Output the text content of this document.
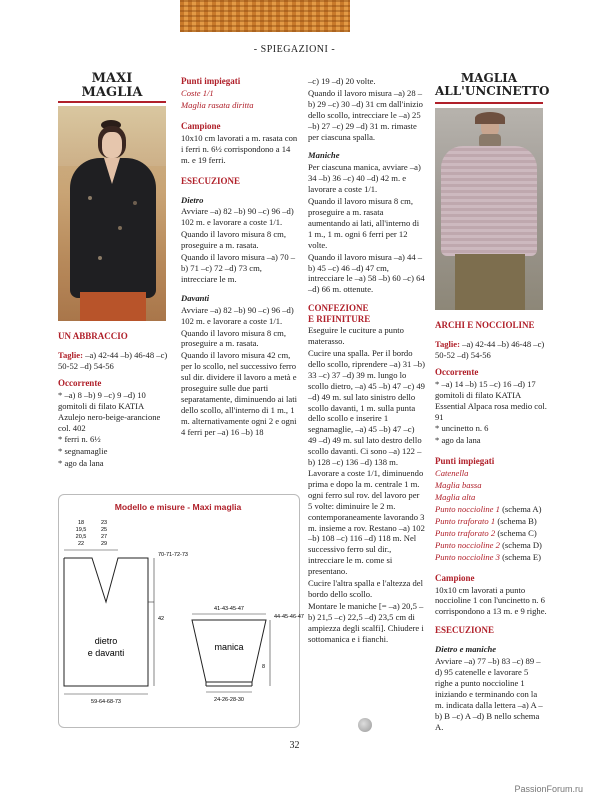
- SPIEGAZIONI -
MAXI
MAGLIA
UN ABBRACCIO

Taglie: –a) 42-44 –b) 46-48 –c) 50-52 –d) 54-56

Occorrente

* –a) 8 –b) 9 –c) 9 –d) 10 gomitoli di filato KATIA Azulejo nero-beige-arancione col. 402

* ferri n. 6½

* segnamaglie

* ago da lana

Punti impiegati

Coste 1/1

Maglia rasata diritta

Campione

10x10 cm lavorati a m. rasata con i ferri n. 6½ corrispondono a 14 m. e 19 ferri.

ESECUZIONE

Dietro

Avviare –a) 82 –b) 90 –c) 96 –d) 102 m. e lavorare a coste 1/1.

Quando il lavoro misura 8 cm, proseguire a m. rasata.

Quando il lavoro misura –a) 70 –b) 71 –c) 72 –d) 73 cm, intrecciare le m.

Davanti

Avviare –a) 82 –b) 90 –c) 96 –d) 102 m. e lavorare a coste 1/1.

Quando il lavoro misura 8 cm, proseguire a m. rasata.

Quando il lavoro misura 42 cm, per lo scollo, nel successivo ferro sul dir. dividere il lavoro a metà e proseguire sulle due parti separatamente, diminuendo ai lati dello scollo, all'interno di 1 m., 1 m. alternativamente ogni 2 e ogni 4 ferri per –a) 16 –b) 18

–c) 19 –d) 20 volte.

Quando il lavoro misura –a) 28 –b) 29 –c) 30 –d) 31 cm dall'inizio dello scollo, intrecciare le –a) 25 –b) 27 –c) 29 –d) 31 m. rimaste per ciascuna spalla.

Maniche

Per ciascuna manica, avviare –a) 34 –b) 36 –c) 40 –d) 42 m. e lavorare a coste 1/1.

Quando il lavoro misura 8 cm, proseguire a m. rasata aumentando ai lati, all'interno di 1 m., 1 m. ogni 6 ferri per 12 volte.

Quando il lavoro misura –a) 44 –b) 45 –c) 46 –d) 47 cm, intrecciare le –a) 58 –b) 60 –c) 64 –d) 66 m. ottenute.

CONFEZIONE
E RIFINITURE

Eseguire le cuciture a punto materasso.

Cucire una spalla. Per il bordo dello scollo, riprendere –a) 31 –b) 33 –c) 37 –d) 39 m. lungo lo scollo dietro, –a) 45 –b) 47 –c) 49 –d) 49 m. sul lato sinistro dello scollo davanti, 1 m. sulla punta dello scollo e inserire 1 segnamaglie, –a) 45 –b) 47 –c) 49 –d) 49 m. sul lato destro dello scollo davanti. Ci sono –a) 122 –b) 128 –c) 136 –d) 138 m. Lavorare a coste 1/1, diminuendo prima e dopo la m. centrale 1 m. ogni ferro sul rov. del lavoro per 5 volte: diminuire le 2 m. contemporaneamente lavorando 3 m. insieme a rov. Restano –a) 102 –b) 108 –c) 116 –d) 118 m. Nel successivo ferro sul dir., intrecciare le m. come si presentano.

Cucire l'altra spalla e l'altezza del bordo dello scollo.

Montare le maniche [= –a) 20,5 –b) 21,5 –c) 22,5 –d) 23,5 cm di ampiezza degli scalfi]. Chiudere i sottomanica e i fianchi.

MAGLIA
ALL'UNCINETTO
ARCHI E NOCCIOLINE

Taglie: –a) 42-44 –b) 46-48 –c) 50-52 –d) 54-56

Occorrente

* –a) 14 –b) 15 –c) 16 –d) 17 gomitoli di filato KATIA Essential Alpaca rosa medio col. 91

* uncinetto n. 6

* ago da lana

Punti impiegati

Catenella

Maglia bassa

Maglia alta

Punto noccioline 1 (schema A)

Punto traforato 1 (schema B)

Punto traforato 2 (schema C)

Punto noccioline 2 (schema D)

Punto noccioline 3 (schema E)

Campione

10x10 cm lavorati a punto noccioline 1 con l'uncinetto n. 6 corrispondono a 13 m. e 9 righe.

ESECUZIONE

Dietro e maniche

Avviare –a) 77 –b) 83 –c) 89 –d) 95 catenelle e lavorare 5 righe a punto noccioline 1 iniziando e terminando con la m. indicata dalla lettera –a) A –b) B –c) A –d) B nello schema A.

Modello e misure - Maxi maglia
18
19,5
20,5
22
23
25
27
29
70-71-72-73
42
dietro
e davanti
59-64-68-73
41-43-45-47
44-45-46-47
8
manica
24-26-28-30
32
PassionForum.ru
